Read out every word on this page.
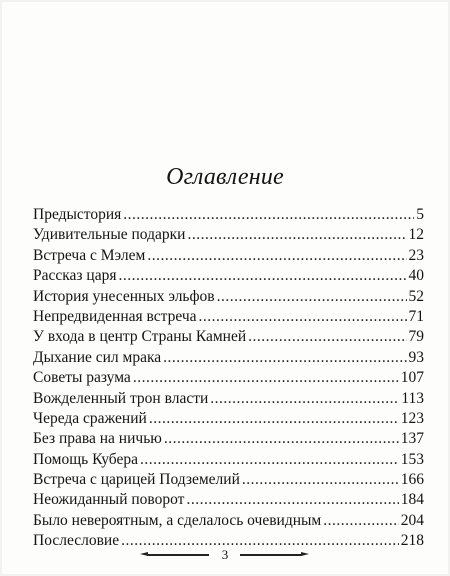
Оглавление
Предыстория .....	5
Удивительные подарки .....	12
Встреча с Мэлем .....	23
Рассказ царя .....	40
История унесенных эльфов .....	52
Непредвиденная встреча .....	71
У входа в центр Страны Камней .....	79
Дыхание сил мрака .....	93
Советы разума .....	107
Вожделенный трон власти .....	113
Череда сражений .....	123
Без права на ничью .....	137
Помощь Кубера .....	153
Встреча с царицей Подземелий .....	166
Неожиданный поворот .....	184
Было невероятным, а сделалось очевидным .....	204
Послесловие .....	218
3
